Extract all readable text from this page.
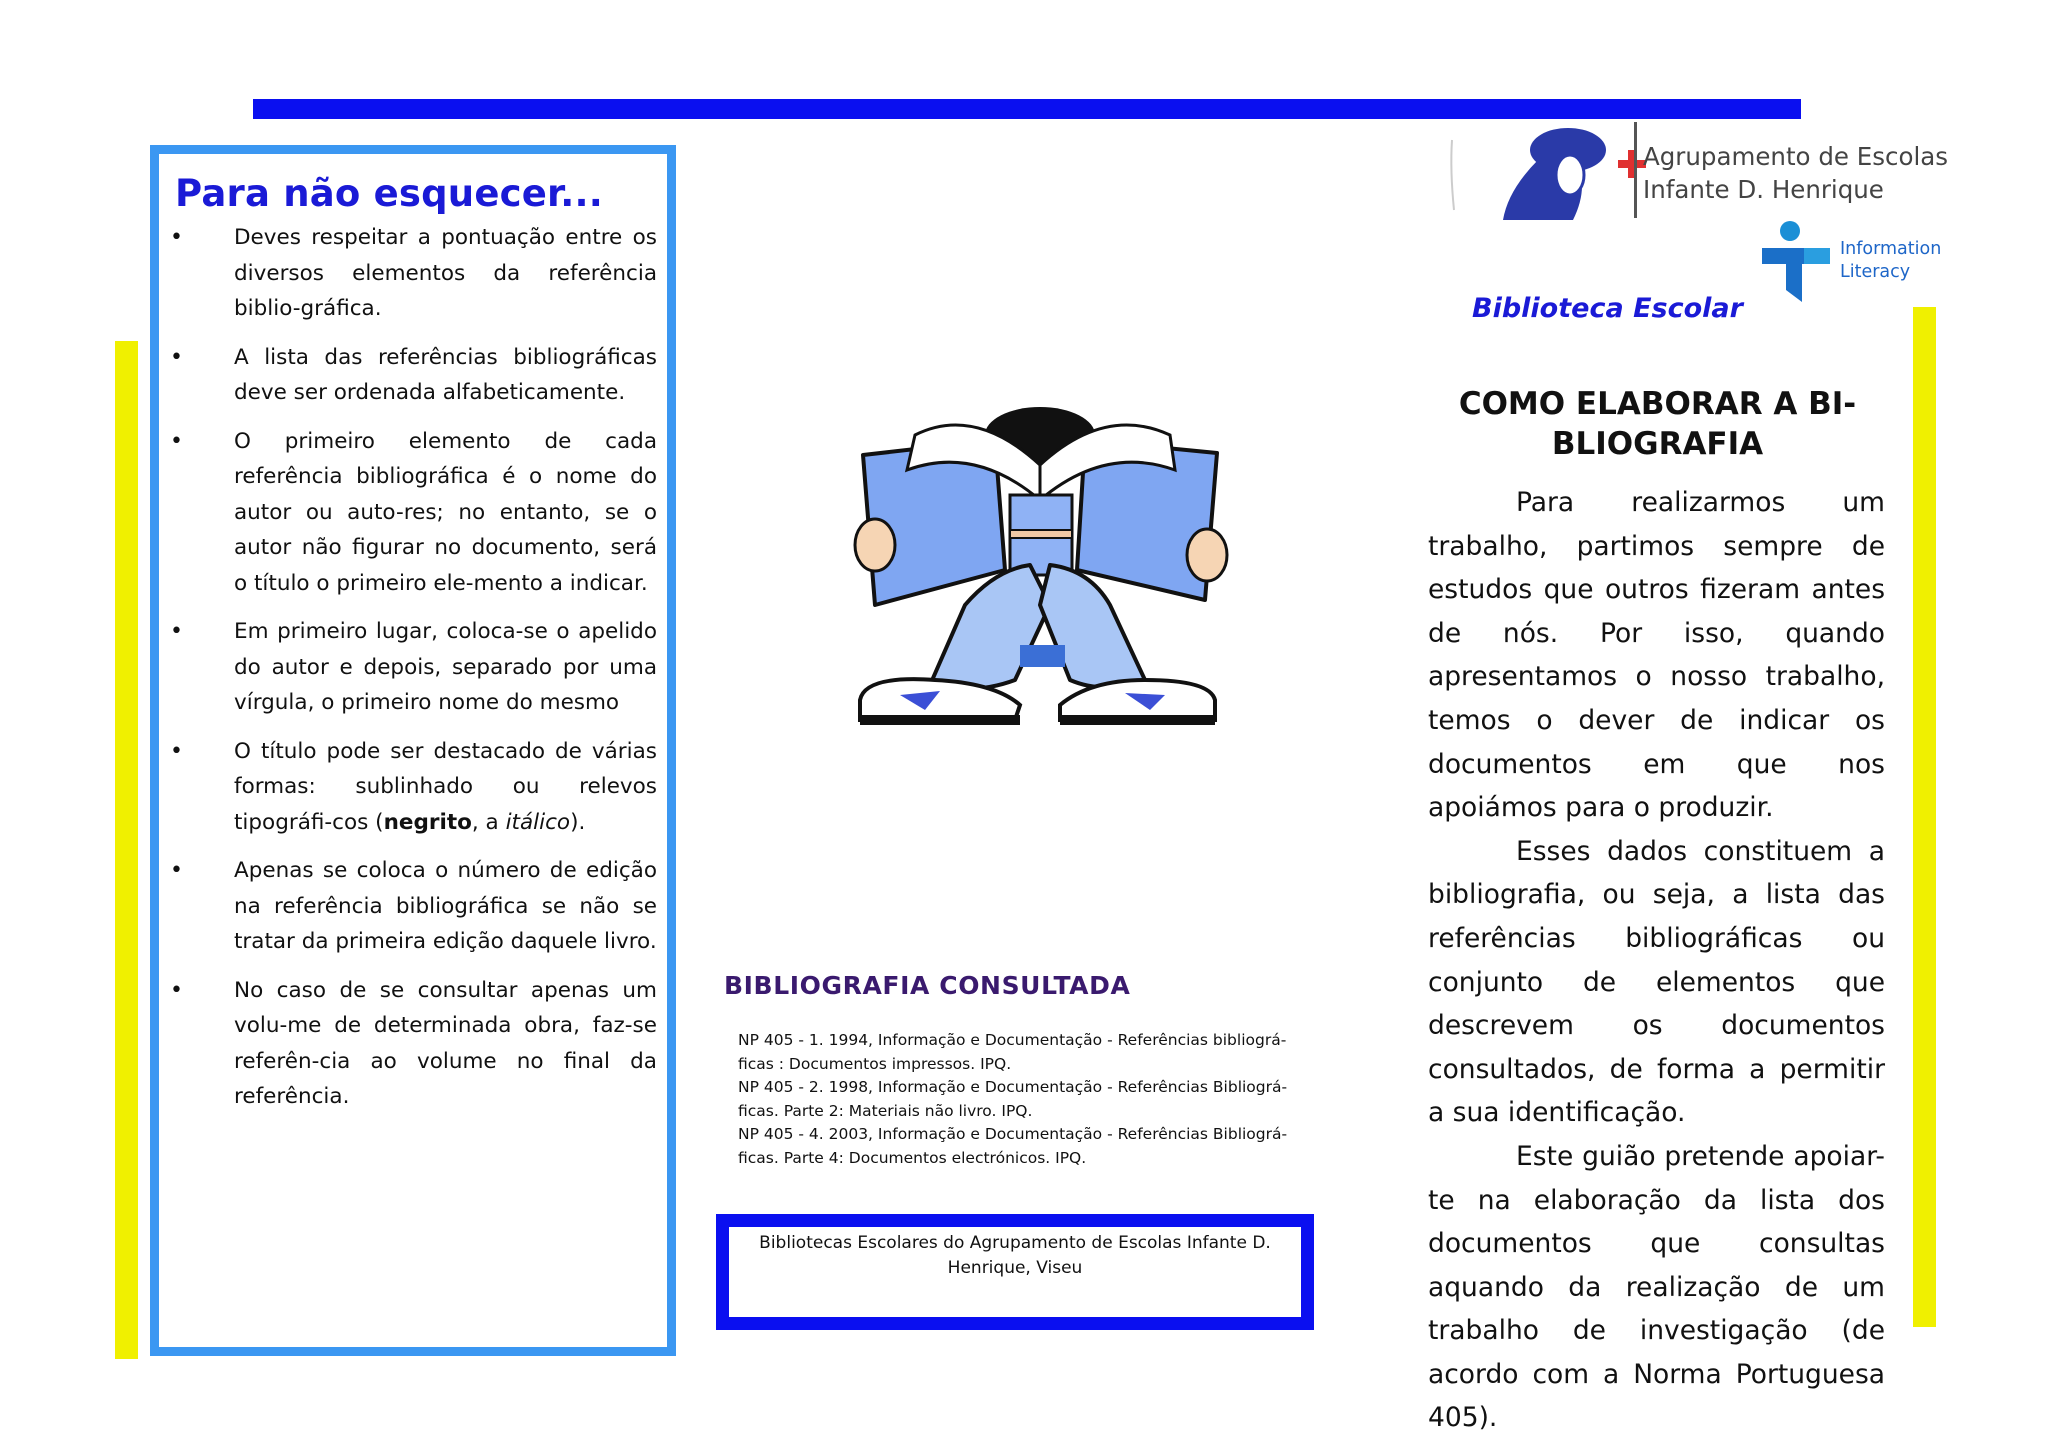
Para não esquecer...
• Deves respeitar a pontuação entre os diversos elementos da referência biblio-gráfica.
• A lista das referências bibliográficas deve ser ordenada alfabeticamente.
• O primeiro elemento de cada referência bibliográfica é o nome do autor ou auto-res; no entanto, se o autor não figurar no documento, será o título o primeiro ele-mento a indicar.
• Em primeiro lugar, coloca-se o apelido do autor e depois, separado por uma vírgula, o primeiro nome do mesmo
• O título pode ser destacado de várias formas: sublinhado ou relevos tipográfi-cos (negrito, a itálico).
• Apenas se coloca o número de edição na referência bibliográfica se não se tratar da primeira edição daquele livro.
• No caso de se consultar apenas um volu-me de determinada obra, faz-se referên-cia ao volume no final da referência.
BIBLIOGRAFIA CONSULTADA
NP 405 - 1. 1994, Informação e Documentação - Referências bibliográ-ficas : Documentos impressos. IPQ.
NP 405 - 2. 1998, Informação e Documentação - Referências Bibliográ-ficas. Parte 2: Materiais não livro. IPQ.
NP 405 - 4. 2003, Informação e Documentação - Referências Bibliográ-ficas. Parte 4: Documentos electrónicos. IPQ.
Bibliotecas Escolares do Agrupamento de Escolas Infante D. Henrique, Viseu

Agrupamento de Escolas
Infante D. Henrique

Information
Literacy

Biblioteca Escolar

COMO ELABORAR A BI-BLIOGRAFIA

Para realizarmos um trabalho, partimos sempre de estudos que outros fizeram antes de nós. Por isso, quando apresentamos o nosso trabalho, temos o dever de indicar os documentos em que nos apoiámos para o produzir.

Esses dados constituem a bibliografia, ou seja, a lista das referências bibliográficas ou conjunto de elementos que descrevem os documentos consultados, de forma a permitir a sua identificação.

Este guião pretende apoiar-te na elaboração da lista dos documentos que consultas aquando da realização de um trabalho de investigação (de acordo com a Norma Portuguesa 405).
